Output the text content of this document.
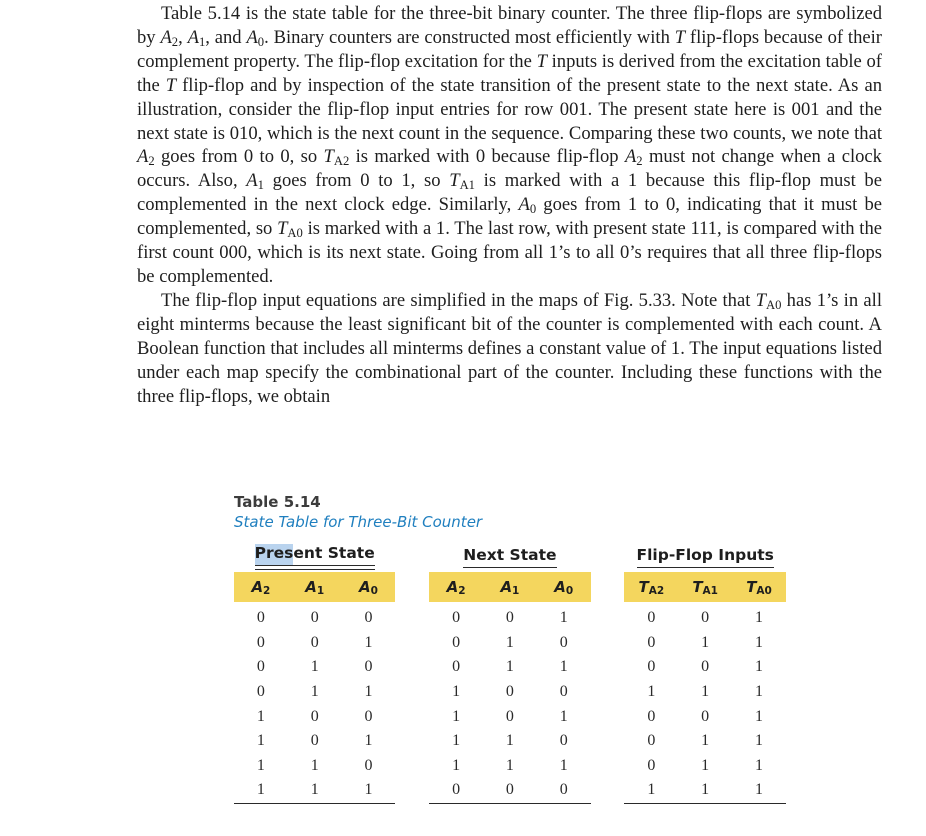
Table 5.14 is the state table for the three-bit binary counter. The three flip-flops are symbolized by $A_2$, $A_1$, and $A_0$. Binary counters are constructed most efficiently with T flip-flops because of their complement property. The flip-flop excitation for the T inputs is derived from the excitation table of the T flip-flop and by inspection of the state transition of the present state to the next state. As an illustration, consider the flip-flop input entries for row 001. The present state here is 001 and the next state is 010, which is the next count in the sequence. Comparing these two counts, we note that $A_2$ goes from 0 to 0, so $T_{A2}$ is marked with 0 because flip-flop $A_2$ must not change when a clock occurs. Also, $A_1$ goes from 0 to 1, so $T_{A1}$ is marked with a 1 because this flip-flop must be complemented in the next clock edge. Similarly, $A_0$ goes from 1 to 0, indicating that it must be complemented, so $T_{A0}$ is marked with a 1. The last row, with present state 111, is compared with the first count 000, which is its next state. Going from all 1’s to all 0’s requires that all three flip-flops be complemented.

The flip-flop input equations are simplified in the maps of Fig. 5.33. Note that $T_{A0}$ has 1’s in all eight minterms because the least significant bit of the counter is complemented with each count. A Boolean function that includes all minterms defines a constant value of 1. The input equations listed under each map specify the combinational part of the counter. Including these functions with the three flip-flops, we obtain

Table 5.14
State Table for Three-Bit Counter
Present State				Next State				Flip-Flop Inputs		
$A_2$	$A_1$	$A_0$		$A_2$	$A_1$	$A_0$		$T_{A2}$	$T_{A1}$	$T_{A0}$
0	0	0		0	0	1		0	0	1
0	0	1		0	1	0		0	1	1
0	1	0		0	1	1		0	0	1
0	1	1		1	0	0		1	1	1
1	0	0		1	0	1		0	0	1
1	0	1		1	1	0		0	1	1
1	1	0		1	1	1		0	1	1
1	1	1		0	0	0		1	1	1
